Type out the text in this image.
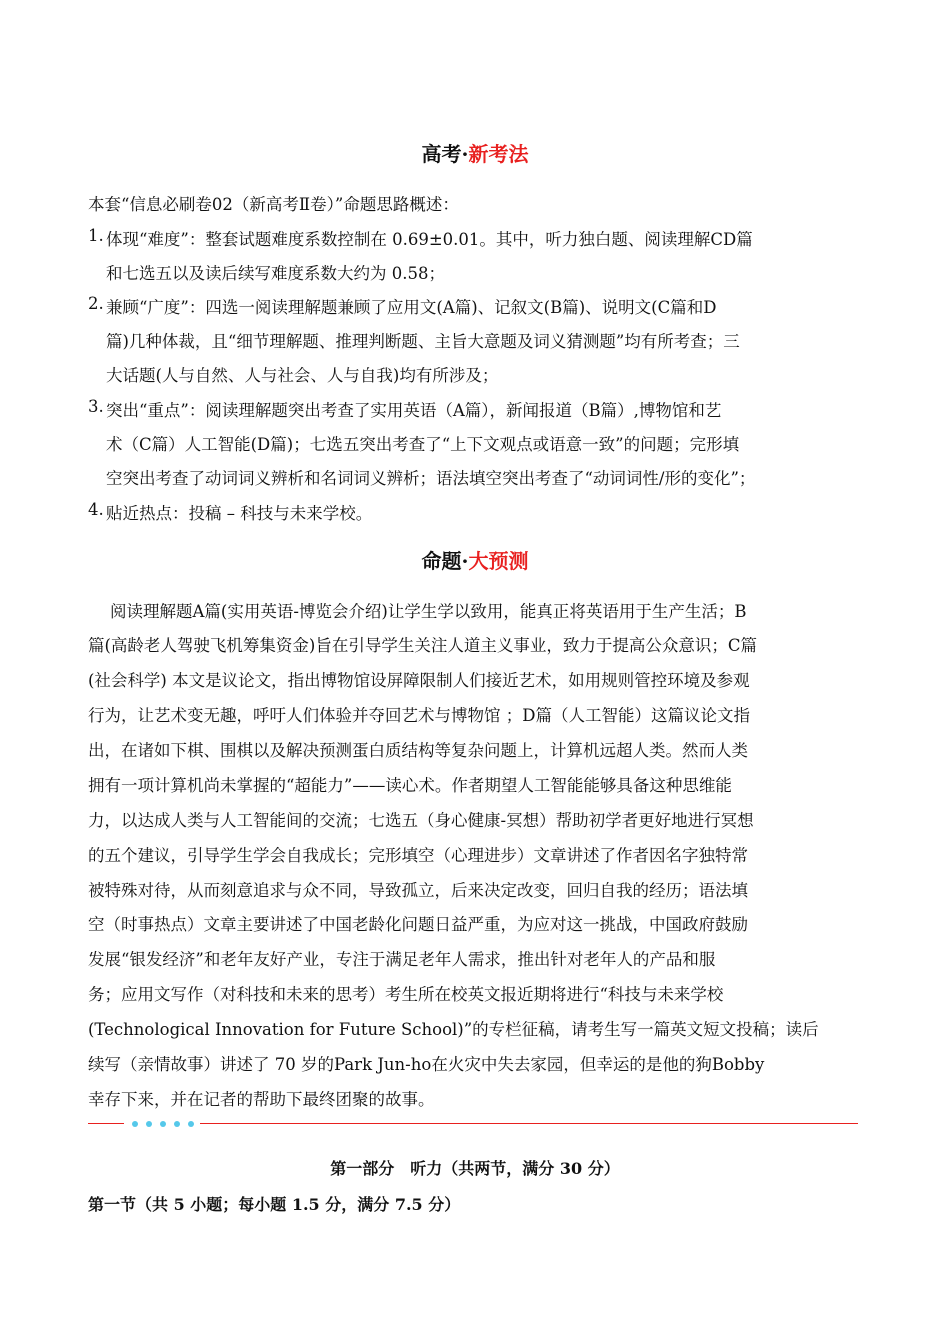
高考·新考法
本套“信息必刷卷02（新高考Ⅱ卷）”命题思路概述：
1. 体现“难度”：整套试题难度系数控制在 0.69±0.01。其中，听力独白题、阅读理解CD篇
和七选五以及读后续写难度系数大约为 0.58；
2. 兼顾“广度”：四选一阅读理解题兼顾了应用文(A篇)、记叙文(B篇)、说明文(C篇和D
篇)几种体裁，且“细节理解题、推理判断题、主旨大意题及词义猜测题”均有所考查；三
大话题(人与自然、人与社会、人与自我)均有所涉及；
3. 突出“重点”：阅读理解题突出考查了实用英语（A篇），新闻报道（B篇）,博物馆和艺
术（C篇）人工智能(D篇)；七选五突出考查了“上下文观点或语意一致”的问题；完形填
空突出考查了动词词义辨析和名词词义辨析；语法填空突出考查了“动词词性/形的变化”；
4. 贴近热点：投稿 – 科技与未来学校。
命题·大预测
阅读理解题A篇(实用英语-博览会介绍)让学生学以致用，能真正将英语用于生产生活；B
篇(高龄老人驾驶飞机筹集资金)旨在引导学生关注人道主义事业，致力于提高公众意识；C篇
(社会科学) 本文是议论文，指出博物馆设屏障限制人们接近艺术，如用规则管控环境及参观
行为，让艺术变无趣，呼吁人们体验并夺回艺术与博物馆 ；D篇（人工智能）这篇议论文指
出，在诸如下棋、围棋以及解决预测蛋白质结构等复杂问题上，计算机远超人类。然而人类
拥有一项计算机尚未掌握的“超能力”——读心术。作者期望人工智能能够具备这种思维能
力，以达成人类与人工智能间的交流；七选五（身心健康-冥想）帮助初学者更好地进行冥想
的五个建议，引导学生学会自我成长；完形填空（心理进步）文章讲述了作者因名字独特常
被特殊对待，从而刻意追求与众不同，导致孤立，后来决定改变，回归自我的经历；语法填
空（时事热点）文章主要讲述了中国老龄化问题日益严重，为应对这一挑战，中国政府鼓励
发展“银发经济”和老年友好产业，专注于满足老年人需求，推出针对老年人的产品和服
务；应用文写作（对科技和未来的思考）考生所在校英文报近期将进行“科技与未来学校
(Technological Innovation for Future School)”的专栏征稿，请考生写一篇英文短文投稿；读后
续写（亲情故事）讲述了 70 岁的Park Jun-ho在火灾中失去家园，但幸运的是他的狗Bobby
幸存下来，并在记者的帮助下最终团聚的故事。
第一部分　听力（共两节，满分 30 分）
第一节（共 5 小题；每小题 1.5 分，满分 7.5 分）
